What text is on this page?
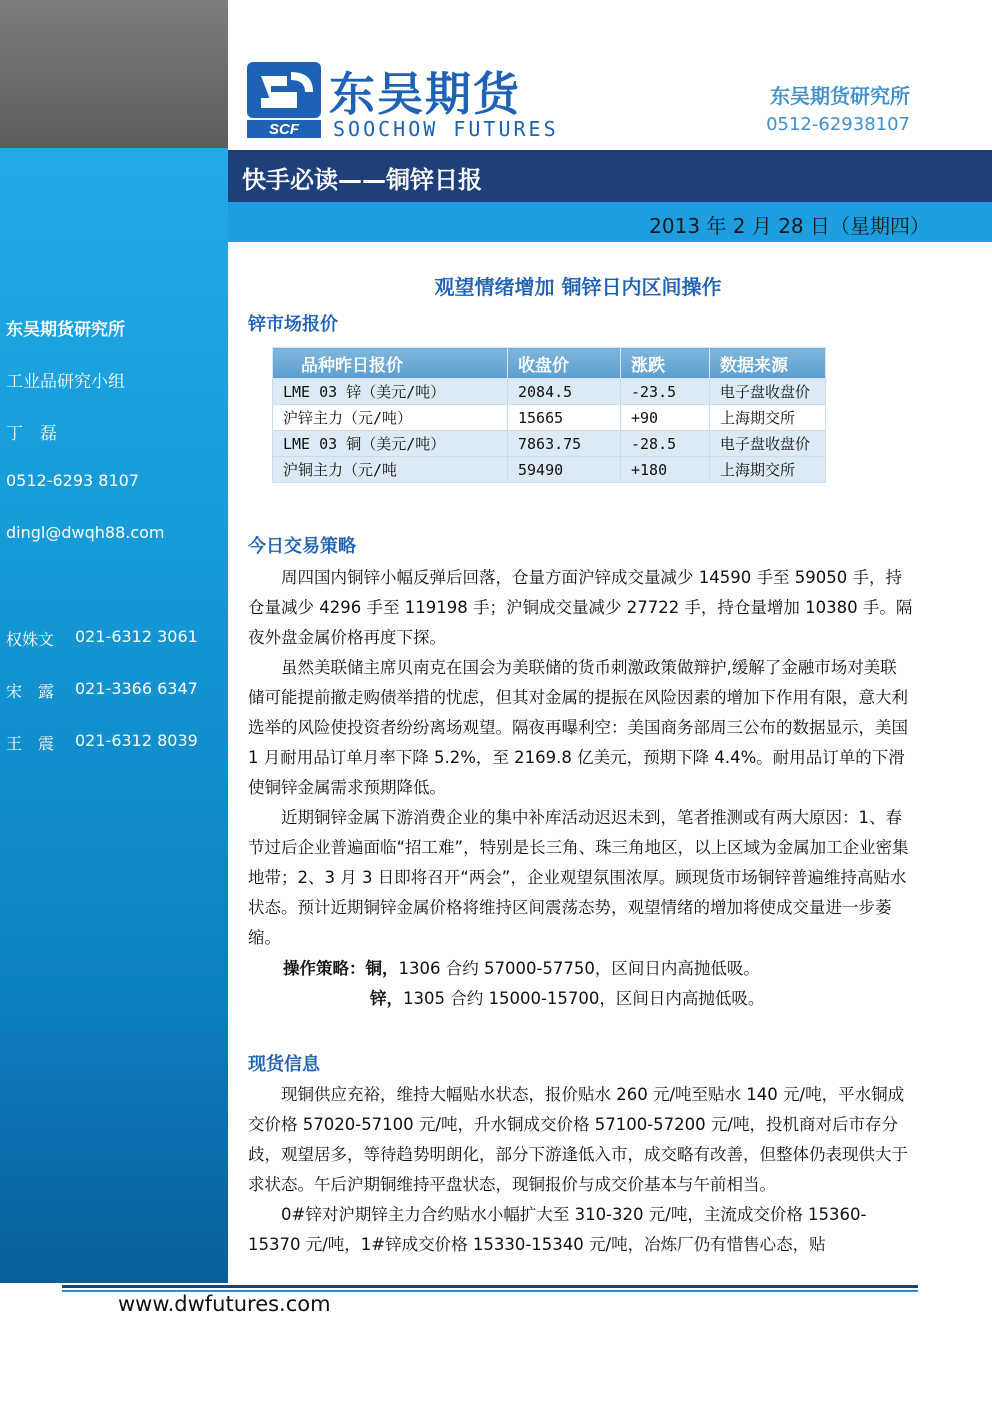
东吴期货研究所
工业品研究小组
丁　磊
0512-6293 8107
dingl@dwqh88.com
权姝文 021-6312 3061
宋　露 021-3366 6347
王　震 021-6312 8039
SCF
东吴期货
SOOCHOW FUTURES
东吴期货研究所
0512-62938107
快手必读——铜锌日报
2013 年 2 月 28 日（星期四）
观望情绪增加 铜锌日内区间操作
锌市场报价
品种昨日报价	收盘价	涨跌	数据来源
LME 03 锌（美元/吨）	2084.5	-23.5	电子盘收盘价
沪锌主力（元/吨）	15665	+90	上海期交所
LME 03 铜（美元/吨）	7863.75	-28.5	电子盘收盘价
沪铜主力（元/吨	59490	+180	上海期交所
今日交易策略

周四国内铜锌小幅反弹后回落，仓量方面沪锌成交量减少 14590 手至 59050 手，持仓量减少 4296 手至 119198 手；沪铜成交量减少 27722 手，持仓量增加 10380 手。隔夜外盘金属价格再度下探。

虽然美联储主席贝南克在国会为美联储的货币刺激政策做辩护,缓解了金融市场对美联储可能提前撤走购债举措的忧虑，但其对金属的提振在风险因素的增加下作用有限，意大利选举的风险使投资者纷纷离场观望。隔夜再曝利空：美国商务部周三公布的数据显示，美国 1 月耐用品订单月率下降 5.2%，至 2169.8 亿美元，预期下降 4.4%。耐用品订单的下滑使铜锌金属需求预期降低。

近期铜锌金属下游消费企业的集中补库活动迟迟未到，笔者推测或有两大原因：1、春节过后企业普遍面临“招工难”，特别是长三角、珠三角地区，以上区域为金属加工企业密集地带；2、3 月 3 日即将召开“两会”，企业观望氛围浓厚。顾现货市场铜锌普遍维持高贴水状态。预计近期铜锌金属价格将维持区间震荡态势，观望情绪的增加将使成交量进一步萎缩。

操作策略：铜，1306 合约 57000-57750，区间日内高抛低吸。
锌，1305 合约 15000-15700，区间日内高抛低吸。
现货信息

现铜供应充裕，维持大幅贴水状态，报价贴水 260 元/吨至贴水 140 元/吨，平水铜成交价格 57020-57100 元/吨，升水铜成交价格 57100-57200 元/吨，投机商对后市存分歧，观望居多，等待趋势明朗化，部分下游逢低入市，成交略有改善，但整体仍表现供大于求状态。午后沪期铜维持平盘状态，现铜报价与成交价基本与午前相当。

0#锌对沪期锌主力合约贴水小幅扩大至 310-320 元/吨，主流成交价格 15360-15370 元/吨，1#锌成交价格 15330-15340 元/吨，冶炼厂仍有惜售心态，贴

www.dwfutures.com
